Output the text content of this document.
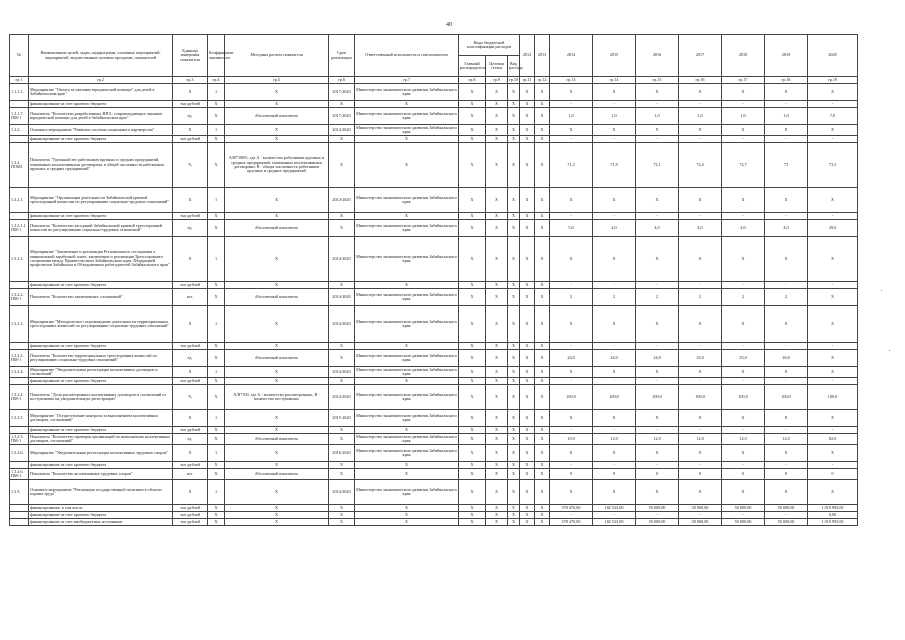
40
№	Наименование целей, задач, подпрограмм, основных мероприятий, мероприятий, ведомственных целевых программ, показателей	Единица измерения показателя	Коэффициент значимости	Методика расчета показателя	Срок реализации	Ответственный исполнитель и соисполнители	Коды бюджетной классификации расходов			2012	2013	2014	2015	2016	2017	2018	2019	2020	
							Главный распорядитель	Целевая статья	Вид расхода										
гр.1	гр.2	гр.3	гр.4	гр.5	гр.6	гр.7	гр.8	гр.9	гр.10	гр.11	гр.12	гр.13	гр.14	гр.15	гр.16	гр.17	гр.18	гр.19	
1.1.1.3.	Мероприятие "Оплата за оказание юридической помощи" для детей в Забайкальском крае"	Х	1	Х	2017-2020	Министерство экономического развития Забайкальского края	Х	Х	Х	Х	Х	Х	Х	Х	Х	Х	Х	Х	
	финансирование за счет краевого бюджета	тыс.рублей	Х	Х	Х	Х	Х	Х	Х	Х	Х	-	-	-	-	-	-	-	
1.3.1.7. ПМ-1	Показатель "Количество разработанных НПА, сопровождающих оказание юридической помощи для детей в Забайкальском крае"	ед.	Х	Абсолютный показатель	2017-2020	Министерство экономического развития Забайкальского края	Х	Х	Х	Х	Х	1,0	1,0	1,0	1,0	1,0	1,0	7,0	
1.3.2.	Основное мероприятие "Развитие системы социального партнерства"	Х	1	Х	2014-2020	Министерство экономического развития Забайкальского края	Х	Х	Х	Х	Х	Х	Х	Х	Х	Х	Х	Х	
	финансирование за счет краевого бюджета	тыс.рублей	Х	Х	Х	Х	Х	Х	Х	Х	Х	-	-	-	-	-	-	-	
1.3.2. ПОМ1	Показатель "Удельный вес работников крупных и средних предприятий, охваченных коллективными договорами, в общей численности работников крупных и средних предприятий"	%	Х	А/В*100%, где А - количество работников крупных и средних предприятий, охваченных коллективными договорами, В - общая численность работников крупных и средних предприятий	Х	Х	Х	Х	Х	Х	Х	71,3	71,9	72,1	72,4	72,7	73	73,3	
1.3.2.1.	Мероприятие "Организация деятельности Забайкальской краевой трехсторонней комиссии по регулированию социально-трудовых отношений"	Х	1	Х	2014-2020	Министерство экономического развития Забайкальского края	Х	Х	Х	Х	Х	Х	Х	Х	Х	Х	Х	Х	
	финансирование за счет краевого бюджета	тыс.рублей	Х	Х	Х	Х	Х	Х	Х	Х	Х	-	-	-	-	-	-	-	
1.3.2.1.1. ПМ-1	Показатель "Количество заседаний Забайкальской краевой трехсторонней комиссии по регулированию социально-трудовых отношений"	ед.	Х	Абсолютный показатель	Х	Министерство экономического развития Забайкальского края	Х	Х	Х	Х	Х	5,0	4,0	4,0	4,0	4,0	4,0	29,0	
1.3.2.2.	Мероприятие "Заключение и реализация Регионального соглашения о минимальной заработной плате, заключение и реализация Трехстороннего соглашения между Правительством Забайкальского края, Федерацией профсоюзов Забайкалья и Объединением работодателей Забайкальского края"	Х	1	Х	2014-2020	Министерство экономического развития Забайкальского края	Х	Х	Х	Х	Х	Х	Х	Х	Х	Х	Х	Х	
	финансирование за счет краевого бюджета	тыс.рублей	Х	Х	Х	Х	Х	Х	Х	Х	Х	-	-	-	-	-	-	-	
1.3.2.2. ПМ-1	Показатель "Количество заключенных соглашений"	шт.	Х	Абсолютный показатель	2014-2020	Министерство экономического развития Забайкальского края	Х	Х	Х	Х	Х	2	2	2	2	2	2	Х	
1.3.2.3.	Мероприятие "Методическое сопровождение деятельности территориальных трехсторонних комиссий по регулированию социально-трудовых отношений"	Х	1	Х	2014-2020	Министерство экономического развития Забайкальского края	Х	Х	Х	Х	Х	Х	Х	Х	Х	Х	Х	Х	
	финансирование за счет краевого бюджета	тыс.рублей	Х	Х	Х	Х	Х	Х	Х	Х	Х	-	-	-	-	-	-	-	
1.3.2.3. ПМ-1	Показатель "Количество территориальных трехсторонних комиссий по регулированию социально-трудовых отношений"	ед.	Х	Абсолютный показатель	Х	Министерство экономического развития Забайкальского края	Х	Х	Х	Х	Х	24,0	24,0	24,0	25,0	25,0	26,0	Х	
1.3.2.4.	Мероприятие "Уведомительная регистрация коллективных договоров и соглашений"	Х	1	Х	2014-2020	Министерство экономического развития Забайкальского края	Х	Х	Х	Х	Х	Х	Х	Х	Х	Х	Х	Х	
	финансирование за счет краевого бюджета	тыс.рублей	Х	Х	Х	Х	Х	Х	Х	Х	Х	-	-	-	-	-	-	-	
1.3.2.4. ПМ-1	Показатель "Доля рассмотренных коллективных договоров и соглашений от поступивших на уведомительную регистрацию"	%	Х	А/В*100, где А - количество рассмотренных, В - количество поступивших	2014-2020	Министерство экономического развития Забайкальского края	Х	Х	Х	Х	Х	100,0	100,0	100,0	100,0	100,0	100,0	100,0	
1.3.2.5.	Мероприятие "Осуществление контроля за выполнением коллективных договоров, соглашений"	Х	1	Х	2015-2020	Министерство экономического развития Забайкальского края	Х	Х	Х	Х	Х	Х	Х	Х	Х	Х	Х	Х	
	финансирование за счет краевого бюджета	тыс.рублей	Х	Х	Х	Х	Х	Х	Х	Х	Х	-	-	-	-	-	-	-	
1.3.2.5. ПМ-1	Показатель "Количество проверок организаций по выполнению коллективных договоров, соглашений"	ед.	Х	Абсолютный показатель	Х	Министерство экономического развития Забайкальского края	Х	Х	Х	Х	Х	10,0	12,0	12,0	12,0	12,0	12,0	82,0	
1.3.2.6.	Мероприятие "Уведомительная регистрация коллективных трудовых споров"	Х	1	Х	2016-2020	Министерство экономического развития Забайкальского края	Х	Х	Х	Х	Х	Х	Х	Х	Х	Х	Х	Х	
	финансирование за счет краевого бюджета	тыс.рублей	Х	Х	Х	Х	Х	Х	Х	Х	Х	-	-	-	-	-	-	-	
1.3.2.6. ПМ-1	Показатель "Количество коллективных трудовых споров"	шт.	Х	Абсолютный показатель	Х	Х	Х	Х	Х	Х	Х	0	0	0	0	0	0	0	
1.3.3.	Основное мероприятие "Реализация государственной политики в области охраны труда"	Х	1	Х	2014-2020	Министерство экономического развития Забайкальского края	Х	Х	Х	Х	Х	Х	Х	Х	Х	Х	Х	Х	
	финансирование, в том числе	тыс.рублей	Х	Х	Х	Х	Х	Х	Х	Х	Х	578 470,00	182 523,00	50 000,00	50 000,00	50 000,00	50 000,00	1 010 993,00	
	финансирование за счет краевого бюджета	тыс.рублей	Х	Х	Х	Х	Х	Х	Х	Х	Х	-	-	-	-	-	-	0,00	
	финансирование за счет внебюджетных источников	тыс.рублей	Х	Х	Х	Х	Х	Х	Х	Х	Х	578 470,00	182 523,00	50 000,00	50 000,00	50 000,00	50 000,00	1 010 993,00	
